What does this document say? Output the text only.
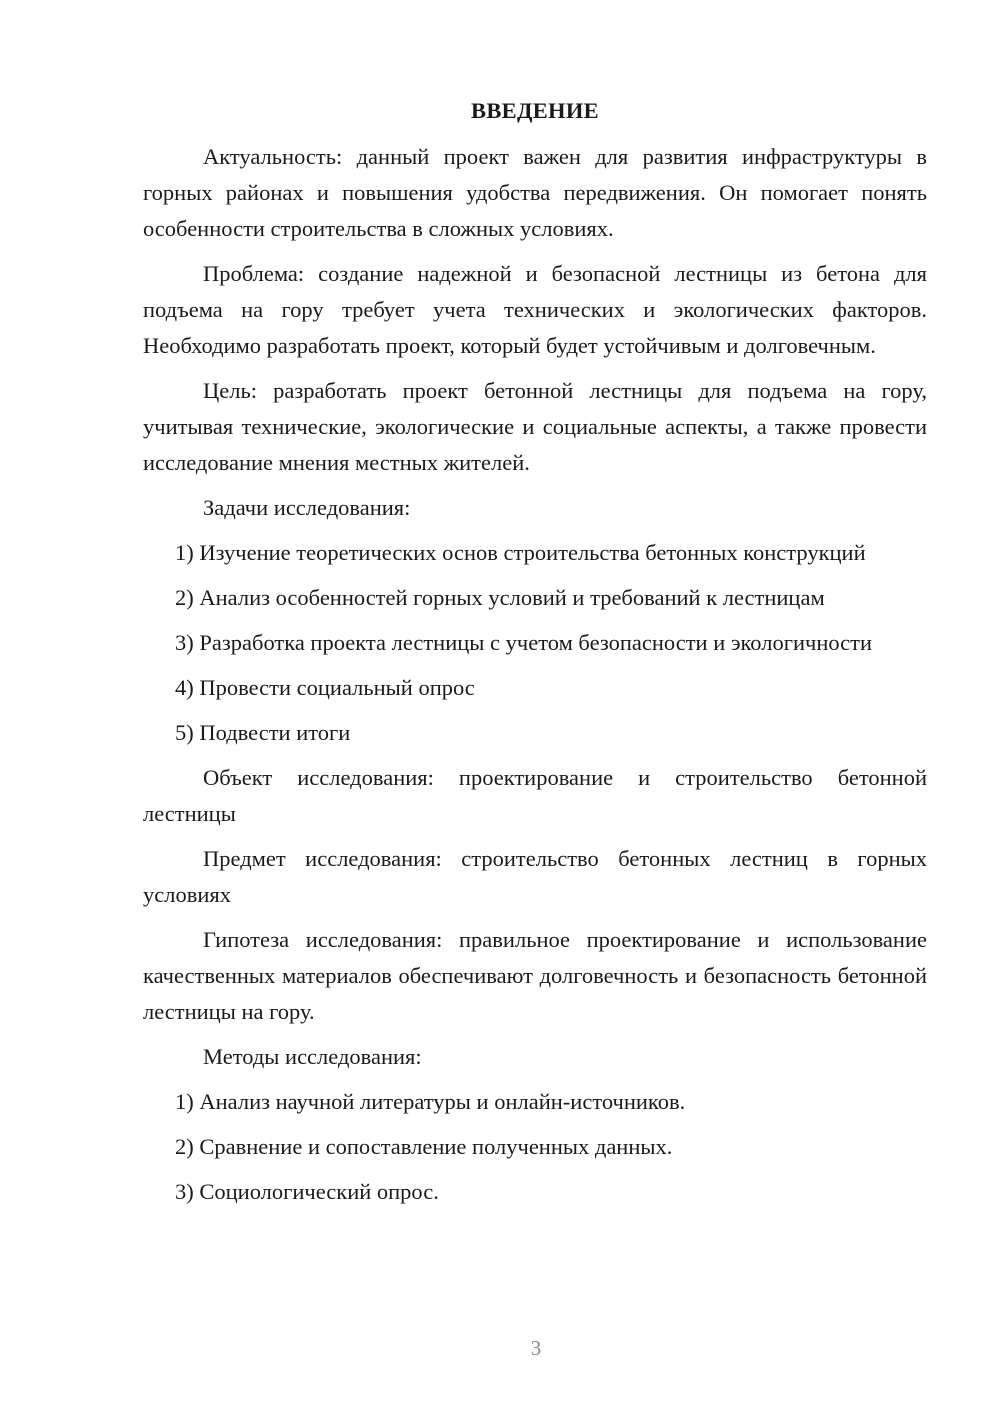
ВВЕДЕНИЕ
Актуальность: данный проект важен для развития инфраструктуры в горных районах и повышения удобства передвижения. Он помогает понять особенности строительства в сложных условиях.
Проблема: создание надежной и безопасной лестницы из бетона для подъема на гору требует учета технических и экологических факторов. Необходимо разработать проект, который будет устойчивым и долговечным.
Цель: разработать проект бетонной лестницы для подъема на гору, учитывая технические, экологические и социальные аспекты, а также провести исследование мнения местных жителей.
Задачи исследования:
1) Изучение теоретических основ строительства бетонных конструкций
2) Анализ особенностей горных условий и требований к лестницам
3) Разработка проекта лестницы с учетом безопасности и экологичности
4) Провести социальный опрос
5) Подвести итоги
Объект исследования: проектирование и строительство бетонной лестницы
Предмет исследования: строительство бетонных лестниц в горных условиях
Гипотеза исследования: правильное проектирование и использование качественных материалов обеспечивают долговечность и безопасность бетонной лестницы на гору.
Методы исследования:
1) Анализ научной литературы и онлайн-источников.
2) Сравнение и сопоставление полученных данных.
3) Социологический опрос.
3
